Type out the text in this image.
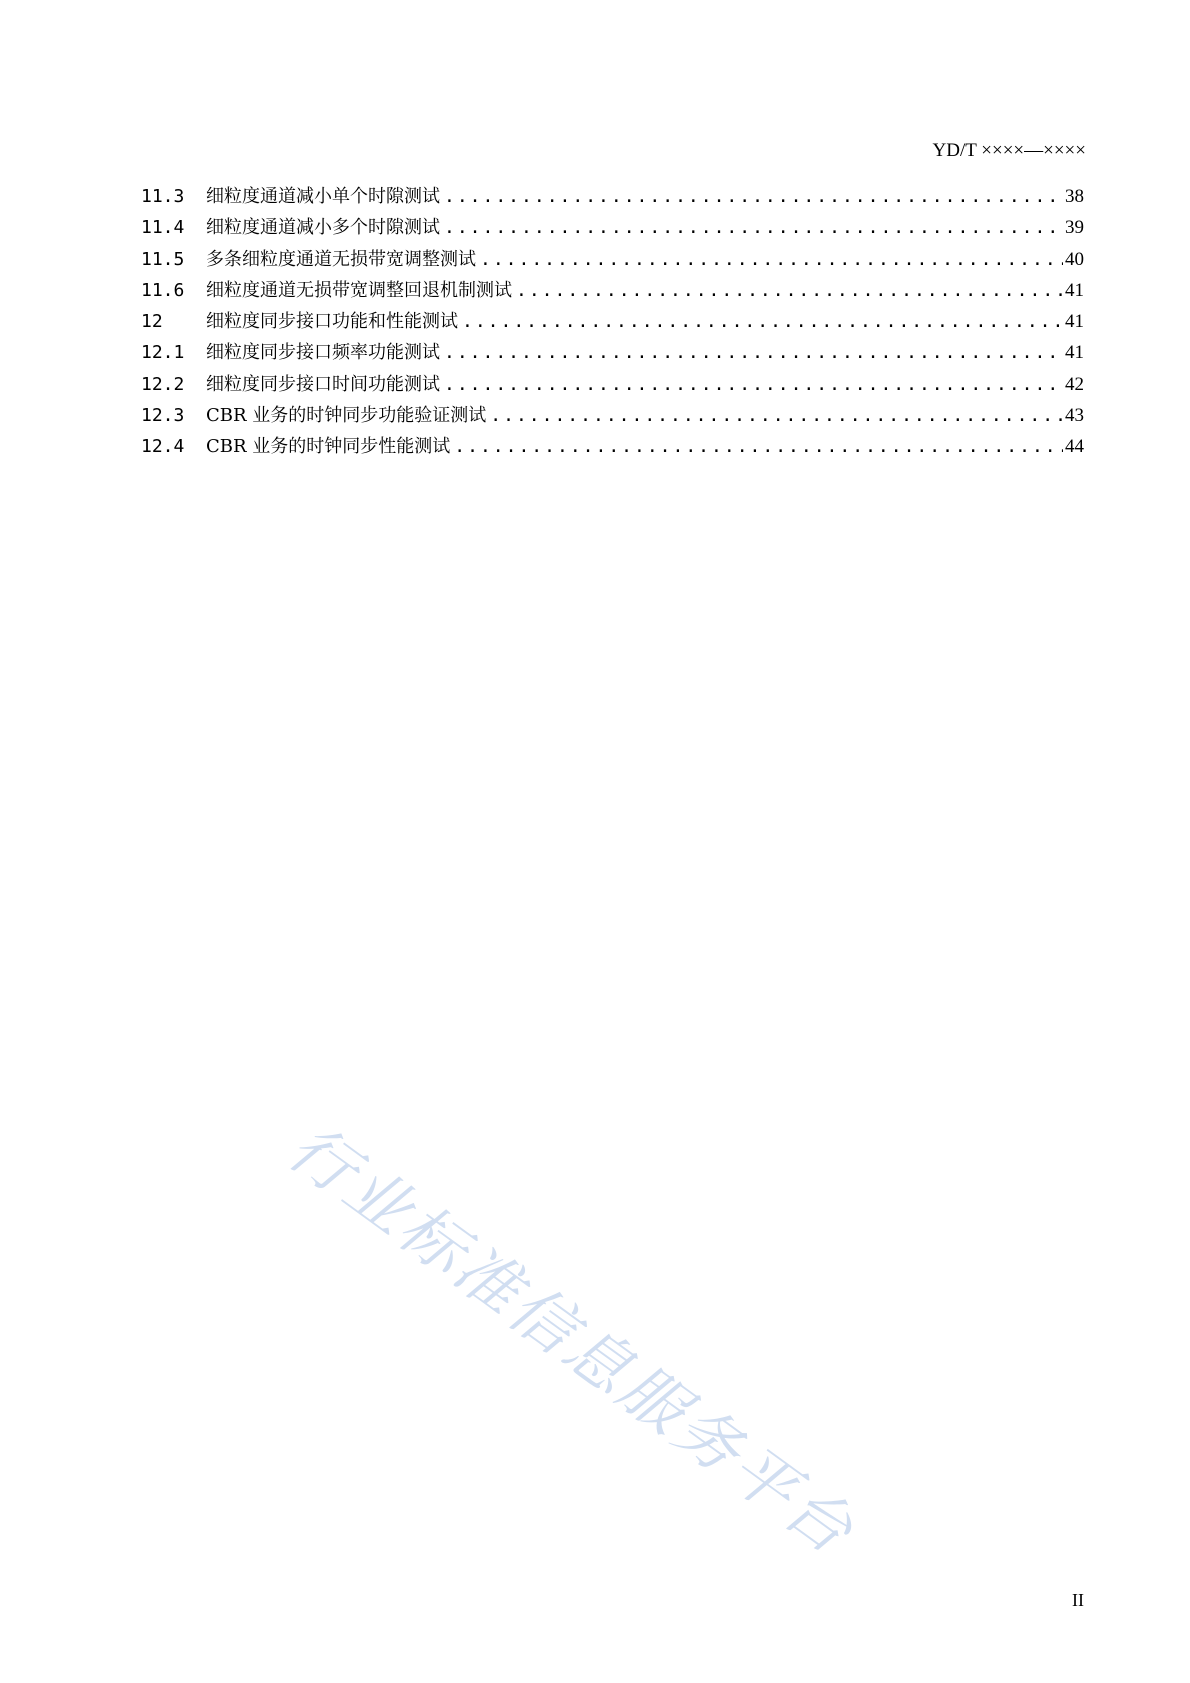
YD/T ××××—××××
11.3	细粒度通道减小单个时隙测试 .....	38
11.4	细粒度通道减小多个时隙测试 .....	39
11.5	多条细粒度通道无损带宽调整测试 .....	40
11.6	细粒度通道无损带宽调整回退机制测试 .....	41
12	细粒度同步接口功能和性能测试 .....	41
12.1	细粒度同步接口频率功能测试 .....	41
12.2	细粒度同步接口时间功能测试 .....	42
12.3	CBR 业务的时钟同步功能验证测试 .....	43
12.4	CBR 业务的时钟同步性能测试 .....	44
行业标准信息服务平台
II
